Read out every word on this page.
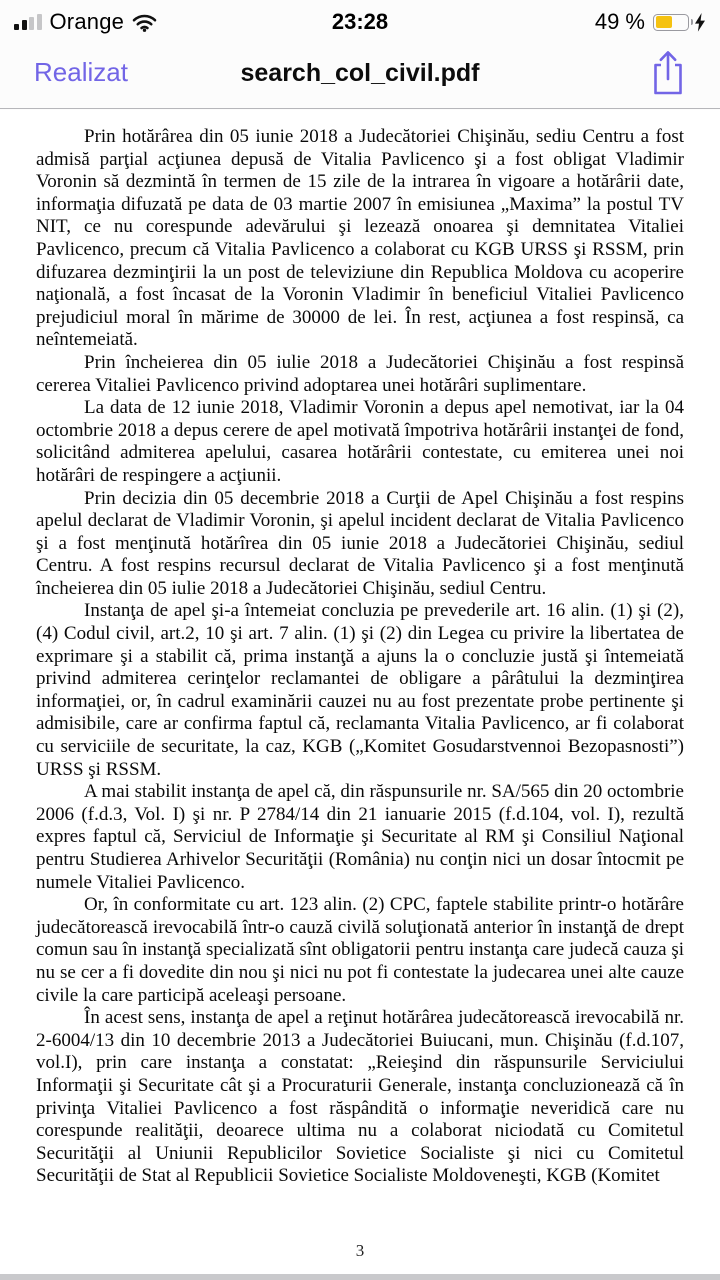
Orange	23:28	49 %
Realizat	search_col_civil.pdf

Prin hotărârea din 05 iunie 2018 a Judecătoriei Chişinău, sediu Centru a fost admisă parţial acţiunea depusă de Vitalia Pavlicenco şi a fost obligat Vladimir Voronin să dezmintă în termen de 15 zile de la intrarea în vigoare a hotărârii date, informaţia difuzată pe data de 03 martie 2007 în emisiunea „Maxima” la postul TV NIT, ce nu corespunde adevărului şi lezează onoarea şi demnitatea Vitaliei Pavlicenco, precum că Vitalia Pavlicenco a colaborat cu KGB URSS şi RSSM, prin difuzarea dezminţirii la un post de televiziune din Republica Moldova cu acoperire naţională, a fost încasat de la Voronin Vladimir în beneficiul Vitaliei Pavlicenco prejudiciul moral în mărime de 30000 de lei. În rest, acţiunea a fost respinsă, ca neîntemeiată.

Prin încheierea din 05 iulie 2018 a Judecătoriei Chişinău a fost respinsă cererea Vitaliei Pavlicenco privind adoptarea unei hotărâri suplimentare.

La data de 12 iunie 2018, Vladimir Voronin a depus apel nemotivat, iar la 04 octombrie 2018 a depus cerere de apel motivată împotriva hotărârii instanţei de fond, solicitând admiterea apelului, casarea hotărârii contestate, cu emiterea unei noi hotărâri de respingere a acţiunii.

Prin decizia din 05 decembrie 2018 a Curţii de Apel Chişinău a fost respins apelul declarat de Vladimir Voronin, şi apelul incident declarat de Vitalia Pavlicenco şi a fost menţinută hotărîrea din 05 iunie 2018 a Judecătoriei Chişinău, sediul Centru. A fost respins recursul declarat de Vitalia Pavlicenco şi a fost menţinută încheierea din 05 iulie 2018 a Judecătoriei Chişinău, sediul Centru.

Instanţa de apel şi-a întemeiat concluzia pe prevederile art. 16 alin. (1) şi (2), (4) Codul civil, art.2, 10 şi art. 7 alin. (1) şi (2) din Legea cu privire la libertatea de exprimare şi a stabilit că, prima instanţă a ajuns la o concluzie justă şi întemeiată privind admiterea cerinţelor reclamantei de obligare a pârâtului la dezminţirea informaţiei, or, în cadrul examinării cauzei nu au fost prezentate probe pertinente şi admisibile, care ar confirma faptul că, reclamanta Vitalia Pavlicenco, ar fi colaborat cu serviciile de securitate, la caz, KGB („Komitet Gosudarstvennoi Bezopasnosti”) URSS şi RSSM.

A mai stabilit instanţa de apel că, din răspunsurile nr. SA/565 din 20 octombrie 2006 (f.d.3, Vol. I) şi nr. P 2784/14 din 21 ianuarie 2015 (f.d.104, vol. I), rezultă expres faptul că, Serviciul de Informaţie şi Securitate al RM şi Consiliul Naţional pentru Studierea Arhivelor Securităţii (România) nu conţin nici un dosar întocmit pe numele Vitaliei Pavlicenco.

Or, în conformitate cu art. 123 alin. (2) CPC, faptele stabilite printr-o hotărâre judecătorească irevocabilă într-o cauză civilă soluţionată anterior în instanţă de drept comun sau în instanţă specializată sînt obligatorii pentru instanţa care judecă cauza şi nu se cer a fi dovedite din nou şi nici nu pot fi contestate la judecarea unei alte cauze civile la care participă aceleaşi persoane.

În acest sens, instanţa de apel a reţinut hotărârea judecătorească irevocabilă nr. 2-6004/13 din 10 decembrie 2013 a Judecătoriei Buiucani, mun. Chişinău (f.d.107, vol.I), prin care instanţa a constatat: „Reieşind din răspunsurile Serviciului Informaţii şi Securitate cât şi a Procuraturii Generale, instanţa concluzionează că în privinţa Vitaliei Pavlicenco a fost răspândită o informaţie neveridică care nu corespunde realităţii, deoarece ultima nu a colaborat niciodată cu Comitetul Securităţii al Uniunii Republicilor Sovietice Socialiste şi nici cu Comitetul Securităţii de Stat al Republicii Sovietice Socialiste Moldoveneşti, KGB (Komitet

3
